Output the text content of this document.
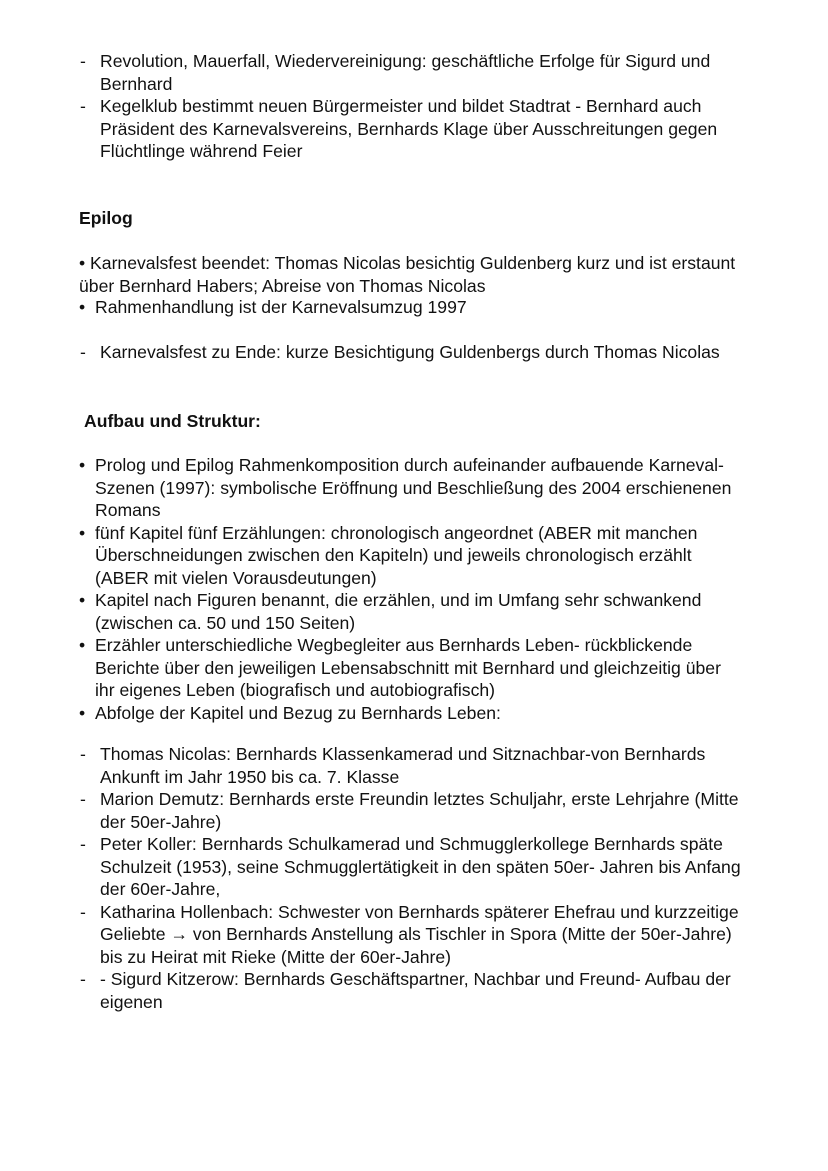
- Revolution, Mauerfall, Wiedervereinigung: geschäftliche Erfolge für Sigurd und Bernhard
- Kegelklub bestimmt neuen Bürgermeister und bildet Stadtrat - Bernhard auch Präsident des Karnevalsvereins, Bernhards Klage über Ausschreitungen gegen Flüchtlinge während Feier
Epilog
• Karnevalsfest beendet: Thomas Nicolas besichtig Guldenberg kurz und ist erstaunt über Bernhard Habers; Abreise von Thomas Nicolas
• Rahmenhandlung ist der Karnevalsumzug 1997
- Karnevalsfest zu Ende: kurze Besichtigung Guldenbergs durch Thomas Nicolas
Aufbau und Struktur:
• Prolog und Epilog Rahmenkomposition durch aufeinander aufbauende Karneval-Szenen (1997): symbolische Eröffnung und Beschließung des 2004 erschienenen Romans
• fünf Kapitel fünf Erzählungen: chronologisch angeordnet (ABER mit manchen Überschneidungen zwischen den Kapiteln) und jeweils chronologisch erzählt (ABER mit vielen Vorausdeutungen)
• Kapitel nach Figuren benannt, die erzählen, und im Umfang sehr schwankend (zwischen ca. 50 und 150 Seiten)
• Erzähler unterschiedliche Wegbegleiter aus Bernhards Leben- rückblickende Berichte über den jeweiligen Lebensabschnitt mit Bernhard und gleichzeitig über ihr eigenes Leben (biografisch und autobiografisch)
• Abfolge der Kapitel und Bezug zu Bernhards Leben:
- Thomas Nicolas: Bernhards Klassenkamerad und Sitznachbar-von Bernhards Ankunft im Jahr 1950 bis ca. 7. Klasse
- Marion Demutz: Bernhards erste Freundin letztes Schuljahr, erste Lehrjahre (Mitte der 50er-Jahre)
- Peter Koller: Bernhards Schulkamerad und Schmugglerkollege Bernhards späte Schulzeit (1953), seine Schmugglertätigkeit in den späten 50er- Jahren bis Anfang der 60er-Jahre,
- Katharina Hollenbach: Schwester von Bernhards späterer Ehefrau und kurzzeitige Geliebte → von Bernhards Anstellung als Tischler in Spora (Mitte der 50er-Jahre) bis zu Heirat mit Rieke (Mitte der 60er-Jahre)
- - Sigurd Kitzerow: Bernhards Geschäftspartner, Nachbar und Freund- Aufbau der eigenen
